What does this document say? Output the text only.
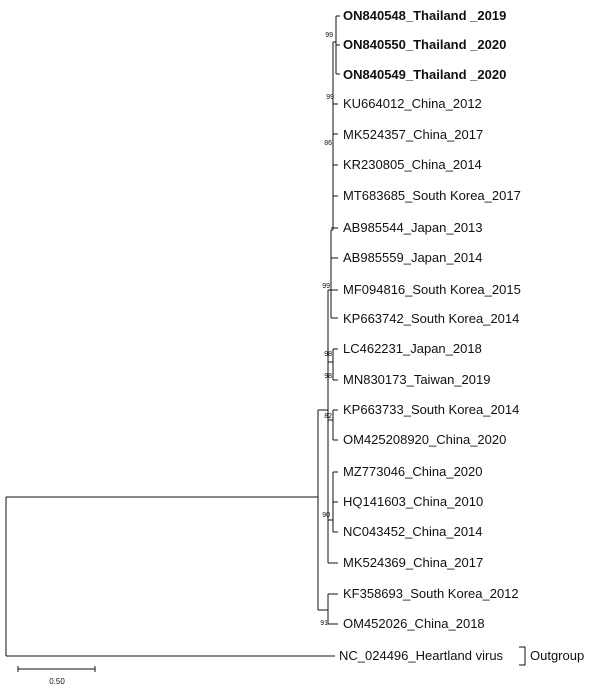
ON840548_Thailand _2019
ON840550_Thailand _2020
ON840549_Thailand _2020
KU664012_China_2012
MK524357_China_2017
KR230805_China_2014
MT683685_South Korea_2017
AB985544_Japan_2013
AB985559_Japan_2014
MF094816_South Korea_2015
KP663742_South Korea_2014
LC462231_Japan_2018
MN830173_Taiwan_2019
KP663733_South Korea_2014
OM425208920_China_2020
MZ773046_China_2020
HQ141603_China_2010
NC043452_China_2014
MK524369_China_2017
KF358693_South Korea_2012
OM452026_China_2018
NC_024496_Heartland virus
99
99
86
99
98
98
82
90
91
Outgroup
0.50
